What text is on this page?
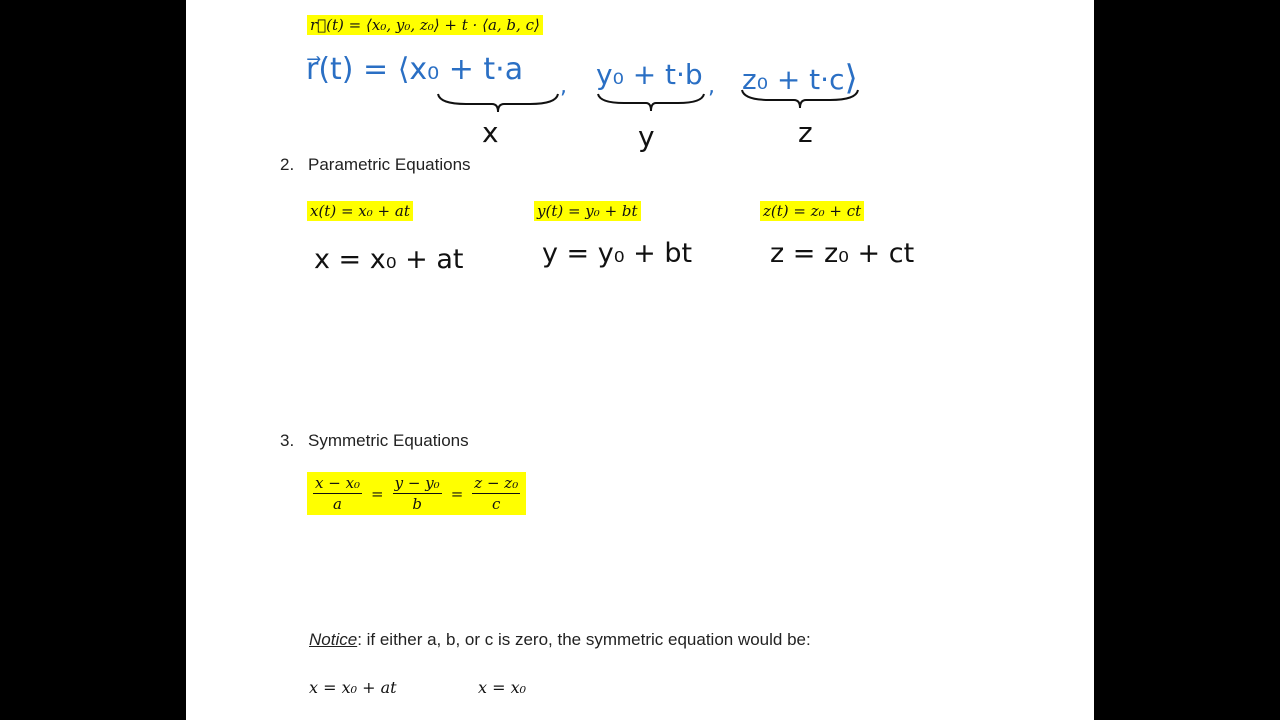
r⃗(t) = ⟨x₀, y₀, z₀⟩ + t · ⟨a, b, c⟩
r⃗(t) = ⟨x₀ + t·a	y₀ + t·b z₀ + t·c⟩
,	,
x	y	z
2. Parametric Equations
x(t) = x₀ + at	y(t) = y₀ + bt	z(t) = z₀ + ct
x = x₀ + at	y = y₀ + bt	z = z₀ + ct
3. Symmetric Equations
$\frac{\text{x − x₀}}{a} = \frac{\text{y − y₀}}{b} = \frac{\text{z − z₀}}{c}$
Notice: if either a, b, or c is zero, the symmetric equation would be:
x = x₀ + at	x = x₀
